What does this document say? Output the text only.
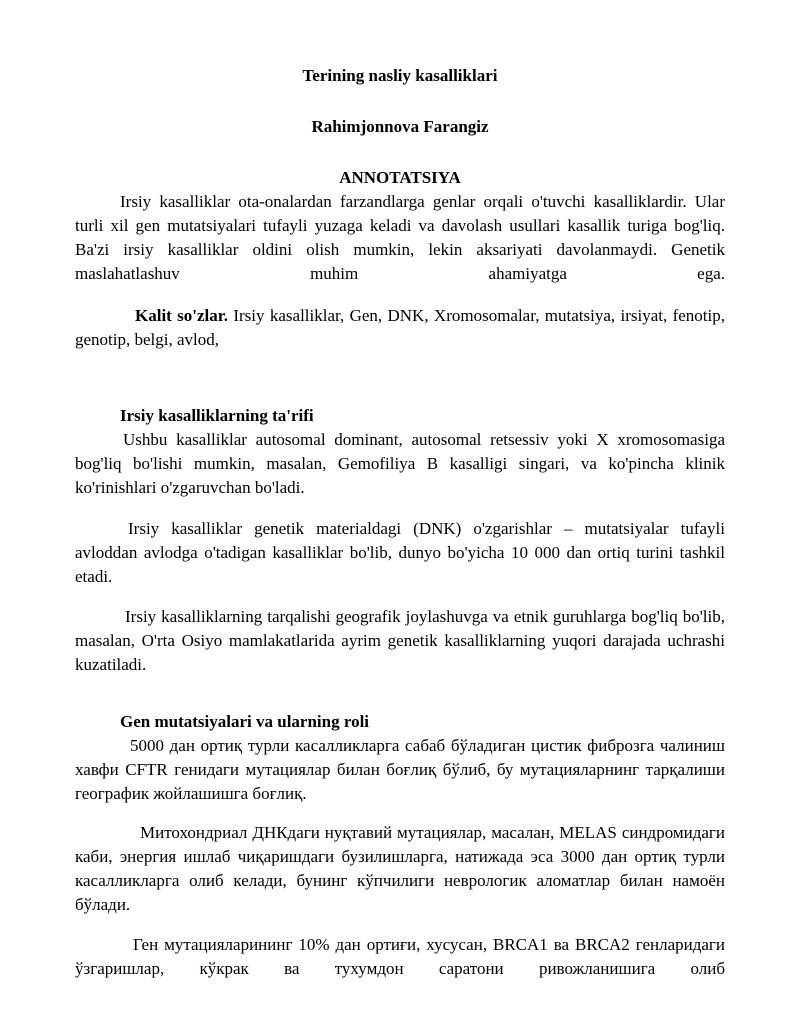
Terining nasliy kasalliklari
Rahimjonnova Farangiz
ANNOTATSIYA

Irsiy kasalliklar ota-onalardan farzandlarga genlar orqali o'tuvchi kasalliklardir. Ular turli xil gen mutatsiyalari tufayli yuzaga keladi va davolash usullari kasallik turiga bog'liq. Ba'zi irsiy kasalliklar oldini olish mumkin, lekin aksariyati davolanmaydi. Genetik maslahatlashuv muhim ahamiyatga ega.

Kalit so'zlar. Irsiy kasalliklar, Gen, DNK, Xromosomalar, mutatsiya, irsiyat, fenotip, genotip, belgi, avlod,

Irsiy kasalliklarning ta'rifi

Ushbu kasalliklar autosomal dominant, autosomal retsessiv yoki X xromosomasiga bog'liq bo'lishi mumkin, masalan, Gemofiliya B kasalligi singari, va ko'pincha klinik ko'rinishlari o'zgaruvchan bo'ladi.

Irsiy kasalliklar genetik materialdagi (DNK) o'zgarishlar – mutatsiyalar tufayli avloddan avlodga o'tadigan kasalliklar bo'lib, dunyo bo'yicha 10 000 dan ortiq turini tashkil etadi.

Irsiy kasalliklarning tarqalishi geografik joylashuvga va etnik guruhlarga bog'liq bo'lib, masalan, O'rta Osiyo mamlakatlarida ayrim genetik kasalliklarning yuqori darajada uchrashi kuzatiladi.

Gen mutatsiyalari va ularning roli

5000 дан ортиқ турли касалликларга сабаб бўладиган цистик фиброзга чалиниш хавфи CFTR генидаги мутациялар билан боғлиқ бўлиб, бу мутацияларнинг тарқалиши географик жойлашишга боғлиқ.

Митохондриал ДНКдаги нуқтавий мутациялар, масалан, MELAS синдромидаги каби, энергия ишлаб чиқаришдаги бузилишларга, натижада эса 3000 дан ортиқ турли касалликларга олиб келади, бунинг кўпчилиги неврологик аломатлар билан намоён бўлади.

Ген мутацияларининг 10% дан ортиғи, хусусан, BRCA1 ва BRCA2 генларидаги ўзгаришлар, кўкрак ва тухумдон саратони ривожланишига олиб
